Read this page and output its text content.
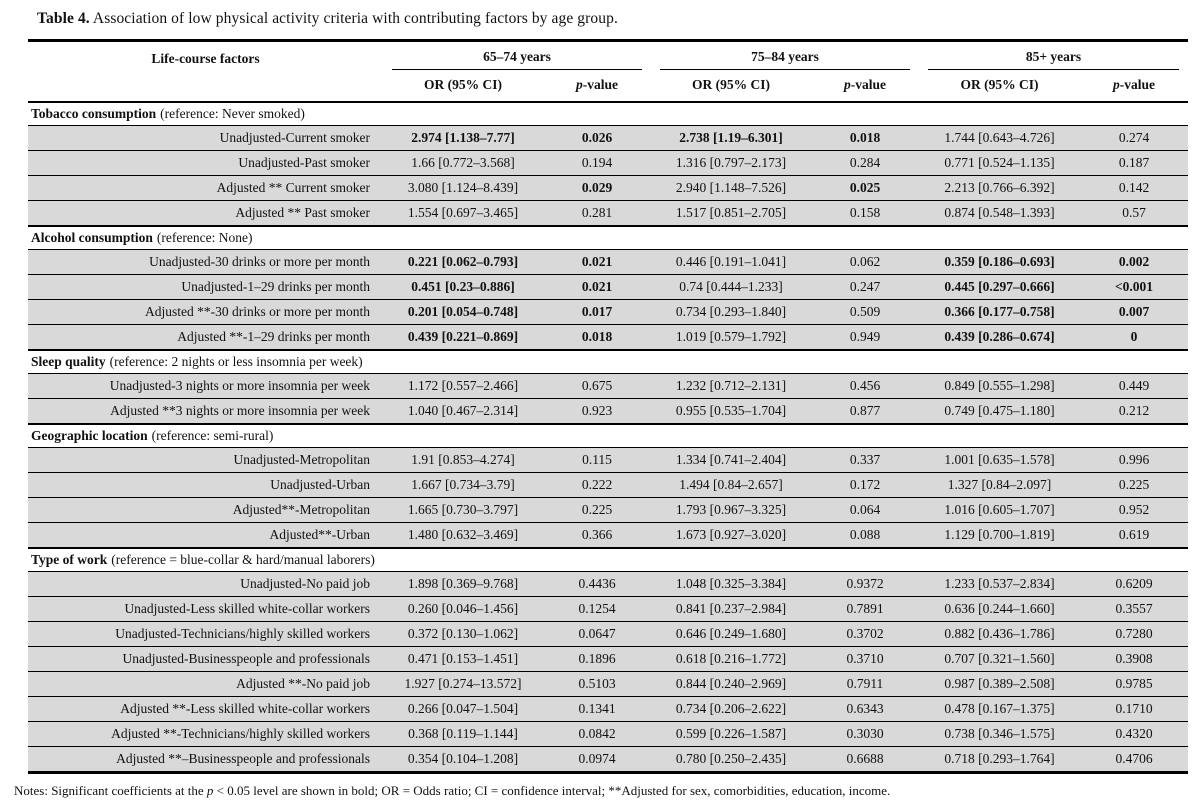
Table 4. Association of low physical activity criteria with contributing factors by age group.
Life-course factors	65–74 years		75–84 years		85+ years	

	OR (95% CI)	p-value	OR (95% CI)	p-value	OR (95% CI)	p-value
Tobacco consumption (reference: Never smoked)						
Unadjusted-Current smoker	2.974 [1.138–7.77]	0.026	2.738 [1.19–6.301]	0.018	1.744 [0.643–4.726]	0.274
Unadjusted-Past smoker	1.66 [0.772–3.568]	0.194	1.316 [0.797–2.173]	0.284	0.771 [0.524–1.135]	0.187
Adjusted ** Current smoker	3.080 [1.124–8.439]	0.029	2.940 [1.148–7.526]	0.025	2.213 [0.766–6.392]	0.142
Adjusted ** Past smoker	1.554 [0.697–3.465]	0.281	1.517 [0.851–2.705]	0.158	0.874 [0.548–1.393]	0.57
Alcohol consumption (reference: None)						
Unadjusted-30 drinks or more per month	0.221 [0.062–0.793]	0.021	0.446 [0.191–1.041]	0.062	0.359 [0.186–0.693]	0.002
Unadjusted-1–29 drinks per month	0.451 [0.23–0.886]	0.021	0.74 [0.444–1.233]	0.247	0.445 [0.297–0.666]	<0.001
Adjusted **-30 drinks or more per month	0.201 [0.054–0.748]	0.017	0.734 [0.293–1.840]	0.509	0.366 [0.177–0.758]	0.007
Adjusted **-1–29 drinks per month	0.439 [0.221–0.869]	0.018	1.019 [0.579–1.792]	0.949	0.439 [0.286–0.674]	0
Sleep quality (reference: 2 nights or less insomnia per week)						
Unadjusted-3 nights or more insomnia per week	1.172 [0.557–2.466]	0.675	1.232 [0.712–2.131]	0.456	0.849 [0.555–1.298]	0.449
Adjusted **3 nights or more insomnia per week	1.040 [0.467–2.314]	0.923	0.955 [0.535–1.704]	0.877	0.749 [0.475–1.180]	0.212
Geographic location (reference: semi-rural)						
Unadjusted-Metropolitan	1.91 [0.853–4.274]	0.115	1.334 [0.741–2.404]	0.337	1.001 [0.635–1.578]	0.996
Unadjusted-Urban	1.667 [0.734–3.79]	0.222	1.494 [0.84–2.657]	0.172	1.327 [0.84–2.097]	0.225
Adjusted**-Metropolitan	1.665 [0.730–3.797]	0.225	1.793 [0.967–3.325]	0.064	1.016 [0.605–1.707]	0.952
Adjusted**-Urban	1.480 [0.632–3.469]	0.366	1.673 [0.927–3.020]	0.088	1.129 [0.700–1.819]	0.619
Type of work (reference = blue-collar & hard/manual laborers)						
Unadjusted-No paid job	1.898 [0.369–9.768]	0.4436	1.048 [0.325–3.384]	0.9372	1.233 [0.537–2.834]	0.6209
Unadjusted-Less skilled white-collar workers	0.260 [0.046–1.456]	0.1254	0.841 [0.237–2.984]	0.7891	0.636 [0.244–1.660]	0.3557
Unadjusted-Technicians/highly skilled workers	0.372 [0.130–1.062]	0.0647	0.646 [0.249–1.680]	0.3702	0.882 [0.436–1.786]	0.7280
Unadjusted-Businesspeople and professionals	0.471 [0.153–1.451]	0.1896	0.618 [0.216–1.772]	0.3710	0.707 [0.321–1.560]	0.3908
Adjusted **-No paid job	1.927 [0.274–13.572]	0.5103	0.844 [0.240–2.969]	0.7911	0.987 [0.389–2.508]	0.9785
Adjusted **-Less skilled white-collar workers	0.266 [0.047–1.504]	0.1341	0.734 [0.206–2.622]	0.6343	0.478 [0.167–1.375]	0.1710
Adjusted **-Technicians/highly skilled workers	0.368 [0.119–1.144]	0.0842	0.599 [0.226–1.587]	0.3030	0.738 [0.346–1.575]	0.4320
Adjusted **–Businesspeople and professionals	0.354 [0.104–1.208]	0.0974	0.780 [0.250–2.435]	0.6688	0.718 [0.293–1.764]	0.4706
Notes: Significant coefficients at the p < 0.05 level are shown in bold; OR = Odds ratio; CI = confidence interval; **Adjusted for sex, comorbidities, education, income.
